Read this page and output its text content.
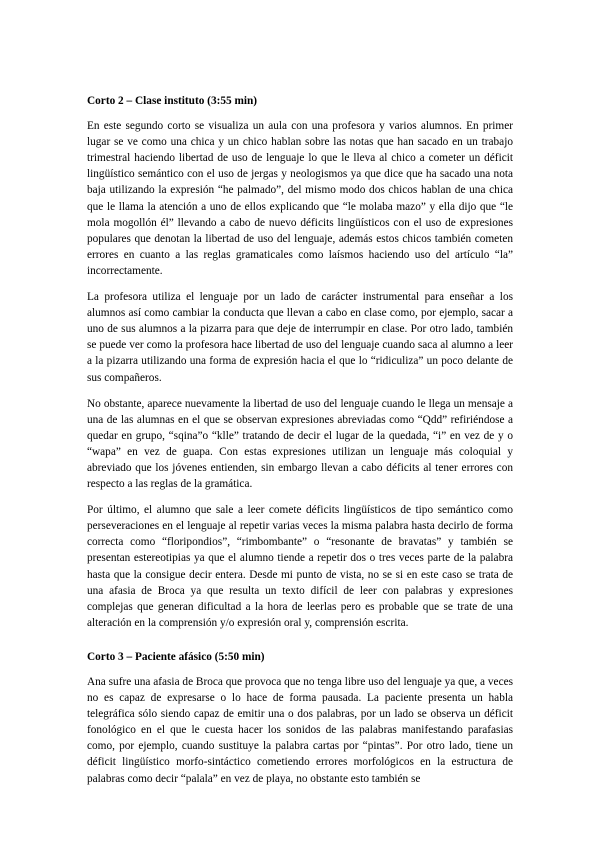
Corto 2 – Clase instituto (3:55 min)

En este segundo corto se visualiza un aula con una profesora y varios alumnos. En primer lugar se ve como una chica y un chico hablan sobre las notas que han sacado en un trabajo trimestral haciendo libertad de uso de lenguaje lo que le lleva al chico a cometer un déficit lingüístico semántico con el uso de jergas y neologismos ya que dice que ha sacado una nota baja utilizando la expresión “he palmado”, del mismo modo dos chicos hablan de una chica que le llama la atención a uno de ellos explicando que “le molaba mazo” y ella dijo que “le mola mogollón él” llevando a cabo de nuevo déficits lingüísticos con el uso de expresiones populares que denotan la libertad de uso del lenguaje, además estos chicos también cometen errores en cuanto a las reglas gramaticales como laísmos haciendo uso del artículo “la” incorrectamente.

La profesora utiliza el lenguaje por un lado de carácter instrumental para enseñar a los alumnos así como cambiar la conducta que llevan a cabo en clase como, por ejemplo, sacar a uno de sus alumnos a la pizarra para que deje de interrumpir en clase. Por otro lado, también se puede ver como la profesora hace libertad de uso del lenguaje cuando saca al alumno a leer a la pizarra utilizando una forma de expresión hacia el que lo “ridiculiza” un poco delante de sus compañeros.

No obstante, aparece nuevamente la libertad de uso del lenguaje cuando le llega un mensaje a una de las alumnas en el que se observan expresiones abreviadas como “Qdd” refiriéndose a quedar en grupo, “sqina”o “klle” tratando de decir el lugar de la quedada, “i” en vez de y o “wapa” en vez de guapa. Con estas expresiones utilizan un lenguaje más coloquial y abreviado que los jóvenes entienden, sin embargo llevan a cabo déficits al tener errores con respecto a las reglas de la gramática.

Por último, el alumno que sale a leer comete déficits lingüísticos de tipo semántico como perseveraciones en el lenguaje al repetir varias veces la misma palabra hasta decirlo de forma correcta como “floripondios”, “rimbombante” o “resonante de bravatas” y también se presentan estereotipias ya que el alumno tiende a repetir dos o tres veces parte de la palabra hasta que la consigue decir entera. Desde mi punto de vista, no se si en este caso se trata de una afasia de Broca ya que resulta un texto difícil de leer con palabras y expresiones complejas que generan dificultad a la hora de leerlas pero es probable que se trate de una alteración en la comprensión y/o expresión oral y, comprensión escrita.

Corto 3 – Paciente afásico (5:50 min)

Ana sufre una afasia de Broca que provoca que no tenga libre uso del lenguaje ya que, a veces no es capaz de expresarse o lo hace de forma pausada. La paciente presenta un habla telegráfica sólo siendo capaz de emitir una o dos palabras, por un lado se observa un déficit fonológico en el que le cuesta hacer los sonidos de las palabras manifestando parafasias como, por ejemplo, cuando sustituye la palabra cartas por “pintas”. Por otro lado, tiene un déficit lingüístico morfo-sintáctico cometiendo errores morfológicos en la estructura de palabras como decir “palala” en vez de playa, no obstante esto también se
